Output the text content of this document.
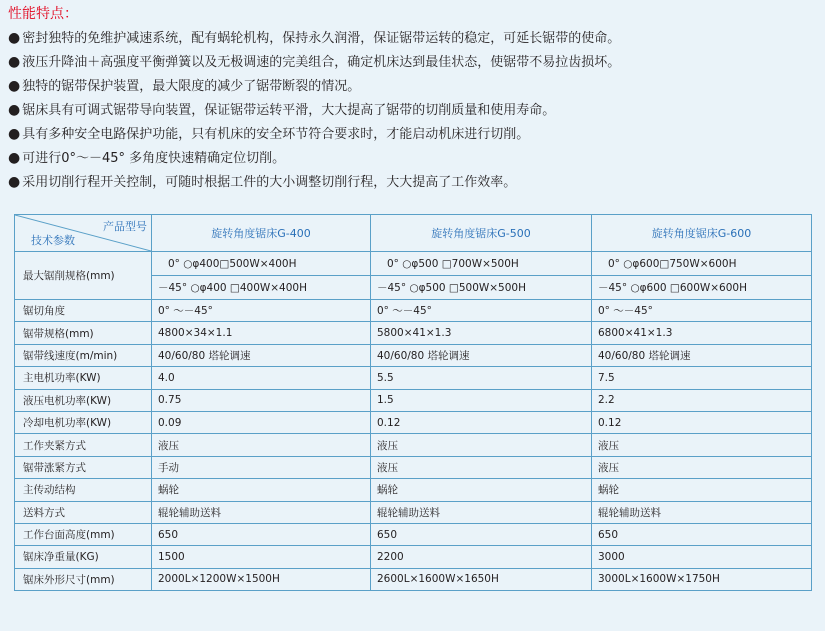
性能特点：
● 密封独特的免维护减速系统，配有蜗轮机构，保持永久润滑，保证锯带运转的稳定，可延长锯带的使命。
● 液压升降油＋高强度平衡弹簧以及无极调速的完美组合，确定机床达到最佳状态，使锯带不易拉齿损坏。
● 独特的锯带保护装置，最大限度的减少了锯带断裂的情况。
● 锯床具有可调式锯带导向装置，保证锯带运转平滑，大大提高了锯带的切削质量和使用寿命。
● 具有多种安全电路保护功能，只有机床的安全环节符合要求时，才能启动机床进行切削。
● 可进行0°～－45° 多角度快速精确定位切削。
● 采用切削行程开关控制，可随时根据工件的大小调整切削行程，大大提高了工作效率。
产品型号
技术参数	旋转角度锯床G-400	旋转角度锯床G-500	旋转角度锯床G-600
最大锯削规格(mm)	0° ○φ400□500W×400H	0° ○φ500 □700W×500H	0° ○φ600□750W×600H
	－45° ○φ400 □400W×400H	－45° ○φ500 □500W×500H	－45° ○φ600 □600W×600H
锯切角度	0° ～－45°	0° ～－45°	0° ～－45°
锯带规格(mm)	4800×34×1.1	5800×41×1.3	6800×41×1.3
锯带线速度(m/min)	40/60/80 塔轮调速	40/60/80 塔轮调速	40/60/80 塔轮调速
主电机功率(KW)	4.0	5.5	7.5
液压电机功率(KW)	0.75	1.5	2.2
冷却电机功率(KW)	0.09	0.12	0.12
工作夹紧方式	液压	液压	液压
锯带涨紧方式	手动	液压	液压
主传动结构	蜗轮	蜗轮	蜗轮
送料方式	辊轮辅助送料	辊轮辅助送料	辊轮辅助送料
工作台面高度(mm)	650	650	650
锯床净重量(KG)	1500	2200	3000
锯床外形尺寸(mm)	2000L×1200W×1500H	2600L×1600W×1650H	3000L×1600W×1750H
